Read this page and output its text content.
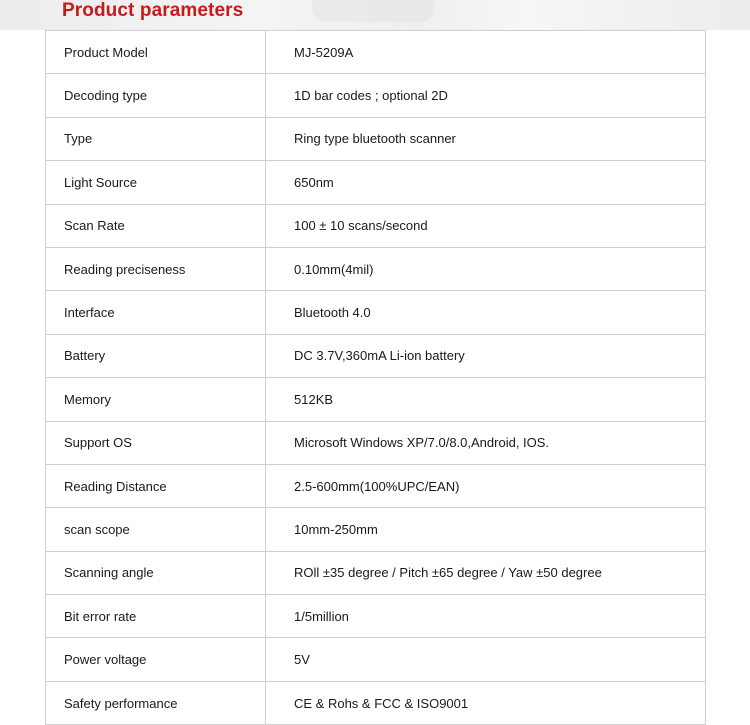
Product parameters
Product Model	MJ-5209A
Decoding type	1D bar codes ; optional 2D
Type	Ring type bluetooth scanner
Light Source	650nm
Scan Rate	100 ± 10 scans/second
Reading preciseness	0.10mm(4mil)
Interface	Bluetooth 4.0
Battery	DC 3.7V,360mA Li-ion battery
Memory	512KB
Support OS	Microsoft Windows XP/7.0/8.0,Android, IOS.
Reading Distance	2.5-600mm(100%UPC/EAN)
scan scope	10mm-250mm
Scanning angle	ROll ±35 degree / Pitch ±65 degree / Yaw ±50 degree
Bit error rate	1/5million
Power voltage	5V
Safety performance	CE & Rohs & FCC & ISO9001
